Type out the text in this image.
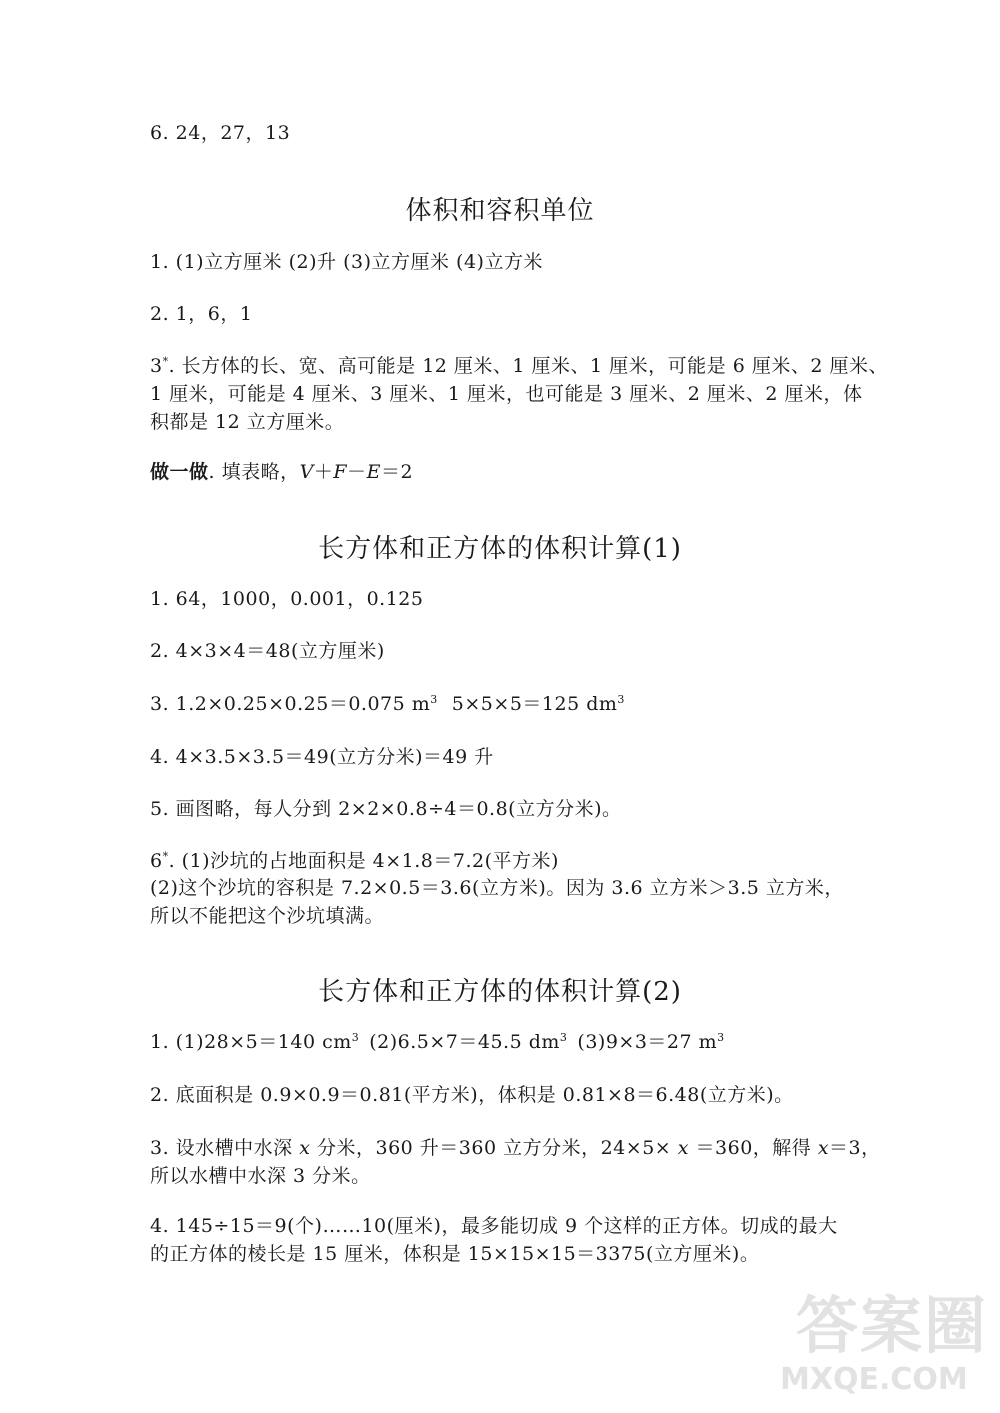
6. 24，27，13
体积和容积单位
1. (1)立方厘米 (2)升 (3)立方厘米 (4)立方米
2. 1，6，1
3*. 长方体的长、宽、高可能是 12 厘米、1 厘米、1 厘米，可能是 6 厘米、2 厘米、
1 厘米，可能是 4 厘米、3 厘米、1 厘米，也可能是 3 厘米、2 厘米、2 厘米，体
积都是 12 立方厘米。
做一做. 填表略，V＋F－E＝2
长方体和正方体的体积计算(1)
1. 64，1000，0.001，0.125
2. 4×3×4＝48(立方厘米)
3. 1.2×0.25×0.25＝0.075 $m^3$ 5×5×5＝125 $dm^3$
4. 4×3.5×3.5＝49(立方分米)＝49 升
5. 画图略，每人分到 2×2×0.8÷4＝0.8(立方分米)。
6*. (1)沙坑的占地面积是 4×1.8＝7.2(平方米)
(2)这个沙坑的容积是 7.2×0.5＝3.6(立方米)。因为 3.6 立方米＞3.5 立方米，
所以不能把这个沙坑填满。
长方体和正方体的体积计算(2)
1. (1)28×5＝140 $cm^3$ (2)6.5×7＝45.5 $dm^3$ (3)9×3＝27 $m^3$
2. 底面积是 0.9×0.9＝0.81(平方米)，体积是 0.81×8＝6.48(立方米)。
3. 设水槽中水深 x 分米，360 升＝360 立方分米，24×5× x ＝360，解得 x＝3，
所以水槽中水深 3 分米。
4. 145÷15＝9(个)……10(厘米)，最多能切成 9 个这样的正方体。切成的最大
的正方体的棱长是 15 厘米，体积是 15×15×15＝3375(立方厘米)。
答案圈
MXQE.COM
